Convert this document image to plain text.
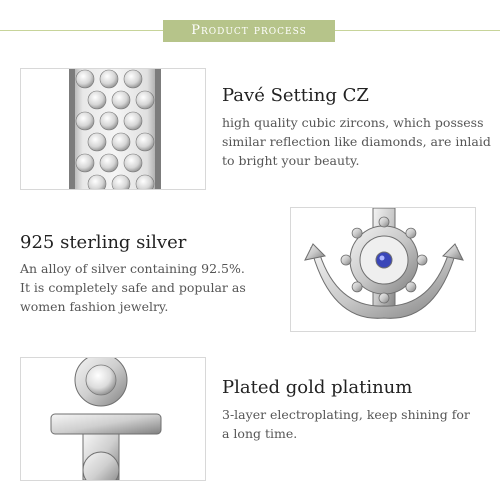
Product process
Pavé Setting CZ
high quality cubic zircons, which possess
similar reflection like diamonds, are inlaid
to bright your beauty.
925 sterling silver
An alloy of silver containing 92.5%.
It is completely safe and popular as
women fashion jewelry.
Plated gold platinum
3-layer electroplating, keep shining for
a long time.
